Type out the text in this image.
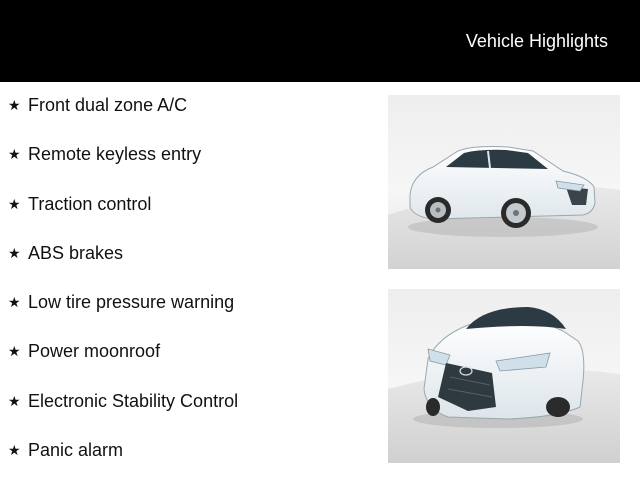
Vehicle Highlights
★ Front dual zone A/C
★ Remote keyless entry
★ Traction control
★ ABS brakes
★ Low tire pressure warning
★ Power moonroof
★ Electronic Stability Control
★ Panic alarm
